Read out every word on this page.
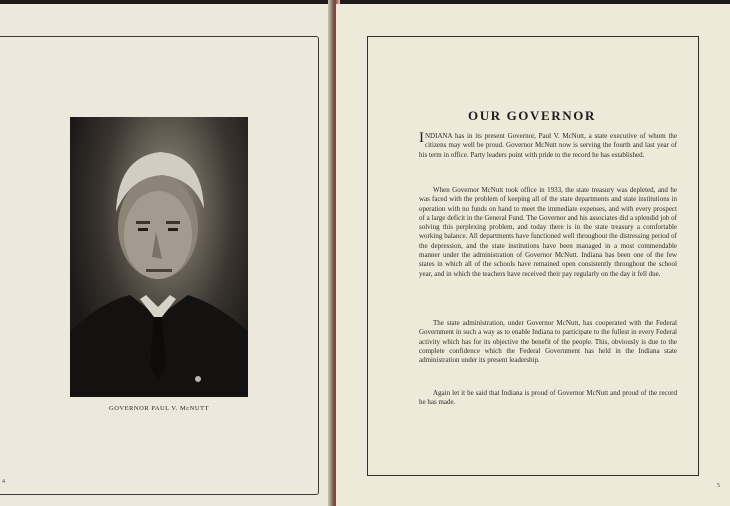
GOVERNOR PAUL V. McNUTT
4
OUR GOVERNOR

INDIANA has in its present Governor, Paul V. McNutt, a state executive of whom the citizens may well be proud. Governor McNutt now is serving the fourth and last year of his term in office. Party leaders point with pride to the record he has established.

When Governor McNutt took office in 1933, the state treasury was depleted, and he was faced with the problem of keeping all of the state departments and state institutions in operation with no funds on hand to meet the immediate expenses, and with every prospect of a large deficit in the General Fund. The Governor and his associates did a splendid job of solving this perplexing problem, and today there is in the state treasury a comfortable working balance. All departments have functioned well throughout the distressing period of the depression, and the state institutions have been managed in a most commendable manner under the administration of Governor McNutt. Indiana has been one of the few states in which all of the schools have remained open consistently throughout the school year, and in which the teachers have received their pay regularly on the day it fell due.

The state administration, under Governor McNutt, has cooperated with the Federal Government in such a way as to enable Indiana to participate to the fullest in every Federal activity which has for its objective the benefit of the people. This, obviously is due to the complete confidence which the Federal Government has held in the Indiana state administration under its present leadership.

Again let it be said that Indiana is proud of Governor McNutt and proud of the record he has made.

5
